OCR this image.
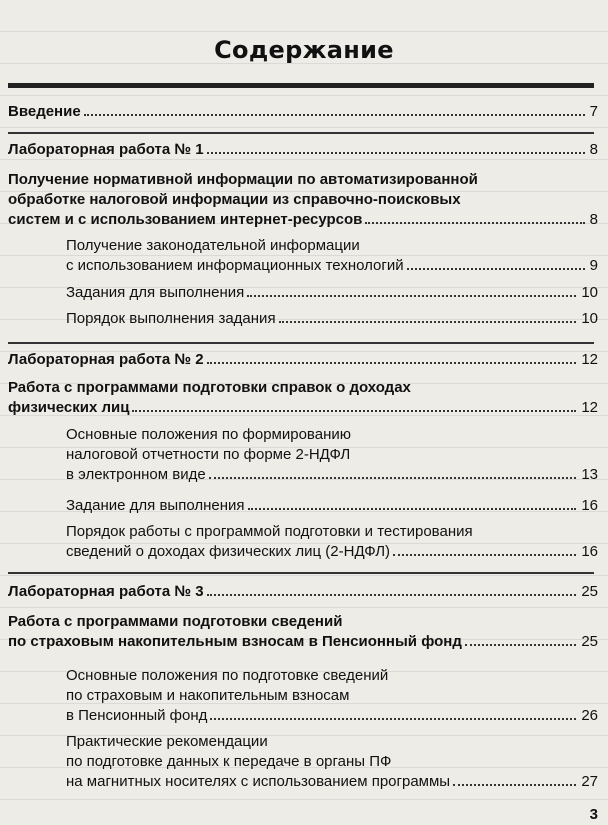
Содержание
Введение	7
Лабораторная работа № 1	8
Получение нормативной информации по автоматизированной
обработке налоговой информации из справочно-поисковых
систем и с использованием интернет-ресурсов	8
Получение законодательной информации
с использованием информационных технологий	9
Задания для выполнения	10
Порядок выполнения задания	10
Лабораторная работа № 2	12
Работа с программами подготовки справок о доходах
физических лиц	12
Основные положения по формированию
налоговой отчетности по форме 2-НДФЛ
в электронном виде	13
Задание для выполнения	16
Порядок работы с программой подготовки и тестирования
сведений о доходах физических лиц (2-НДФЛ)	16
Лабораторная работа № 3	25
Работа с программами подготовки сведений
по страховым накопительным взносам в Пенсионный фонд	25
Основные положения по подготовке сведений
по страховым и накопительным взносам
в Пенсионный фонд	26
Практические рекомендации
по подготовке данных к передаче в органы ПФ
на магнитных носителях с использованием программы	27
3
